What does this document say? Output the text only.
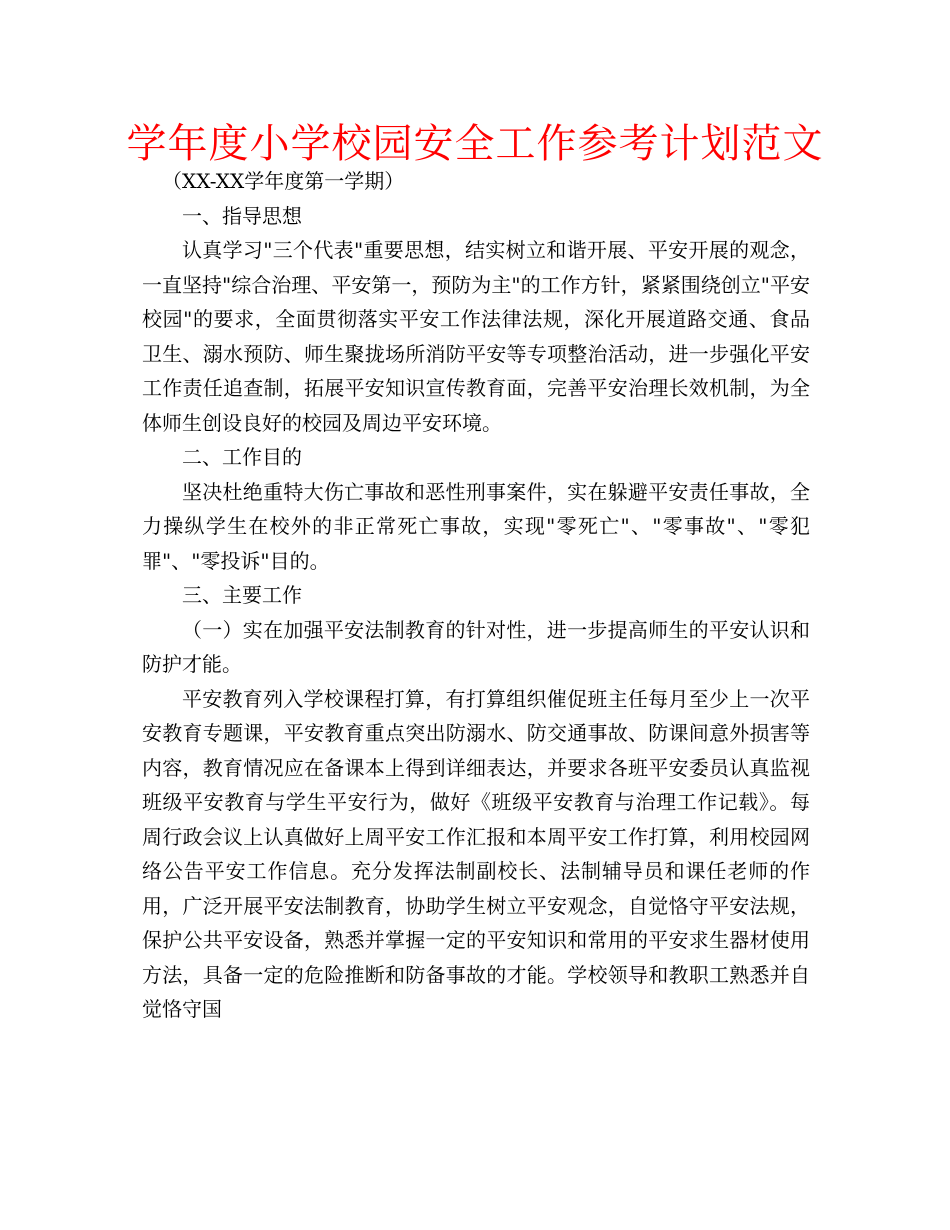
学年度小学校园安全工作参考计划范文

（XX-XX学年度第一学期）

一、指导思想

认真学习"三个代表"重要思想，结实树立和谐开展、平安开展的观念，一直坚持"综合治理、平安第一，预防为主"的工作方针，紧紧围绕创立"平安校园"的要求，全面贯彻落实平安工作法律法规，深化开展道路交通、食品卫生、溺水预防、师生聚拢场所消防平安等专项整治活动，进一步强化平安工作责任追查制，拓展平安知识宣传教育面，完善平安治理长效机制，为全体师生创设良好的校园及周边平安环境。

二、工作目的

坚决杜绝重特大伤亡事故和恶性刑事案件，实在躲避平安责任事故，全力操纵学生在校外的非正常死亡事故，实现"零死亡"、"零事故"、"零犯罪"、"零投诉"目的。

三、主要工作

（一）实在加强平安法制教育的针对性，进一步提高师生的平安认识和防护才能。

平安教育列入学校课程打算，有打算组织催促班主任每月至少上一次平安教育专题课，平安教育重点突出防溺水、防交通事故、防课间意外损害等内容，教育情况应在备课本上得到详细表达，并要求各班平安委员认真监视班级平安教育与学生平安行为，做好《班级平安教育与治理工作记载》。每周行政会议上认真做好上周平安工作汇报和本周平安工作打算，利用校园网络公告平安工作信息。充分发挥法制副校长、法制辅导员和课任老师的作用，广泛开展平安法制教育，协助学生树立平安观念，自觉恪守平安法规，保护公共平安设备，熟悉并掌握一定的平安知识和常用的平安求生器材使用方法，具备一定的危险推断和防备事故的才能。学校领导和教职工熟悉并自觉恪守国
